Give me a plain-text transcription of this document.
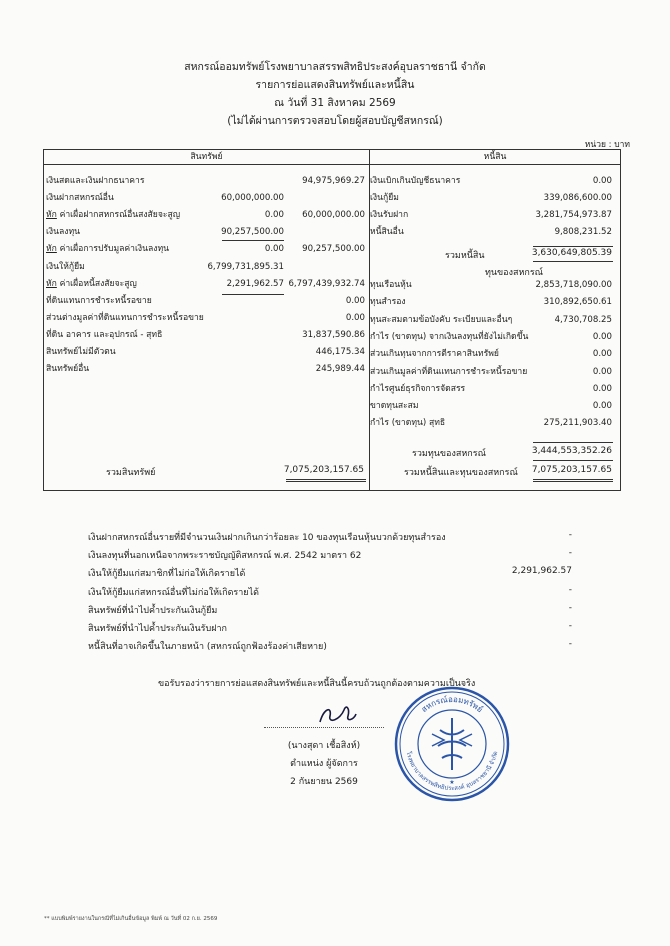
สหกรณ์ออมทรัพย์โรงพยาบาลสรรพสิทธิประสงค์อุบลราชธานี จำกัด
รายการย่อแสดงสินทรัพย์และหนี้สิน
ณ วันที่ 31 สิงหาคม 2569
(ไม่ได้ผ่านการตรวจสอบโดยผู้สอบบัญชีสหกรณ์)
หน่วย : บาท
สินทรัพย์	หนี้สิน
เงินสดและเงินฝากธนาคาร	94,975,969.27
เงินฝากสหกรณ์อื่น	60,000,000.00
หัก ค่าเผื่อฝากสหกรณ์อื่นสงสัยจะสูญ	0.00	60,000,000.00
เงินลงทุน	90,257,500.00
หัก ค่าเผื่อการปรับมูลค่าเงินลงทุน	0.00	90,257,500.00
เงินให้กู้ยืม	6,799,731,895.31
หัก ค่าเผื่อหนี้สงสัยจะสูญ	2,291,962.57 6,797,439,932.74
ที่ดินแทนการชำระหนี้รอขาย	0.00
ส่วนต่างมูลค่าที่ดินแทนการชำระหนี้รอขาย	0.00
ที่ดิน อาคาร และอุปกรณ์ - สุทธิ	31,837,590.86
สินทรัพย์ไม่มีตัวตน	446,175.34
สินทรัพย์อื่น	245,989.44
เงินเบิกเกินบัญชีธนาคาร	0.00
เงินกู้ยืม	339,086,600.00
เงินรับฝาก	3,281,754,973.87
หนี้สินอื่น	9,808,231.52
ทุนเรือนหุ้น	2,853,718,090.00
ทุนสำรอง	310,892,650.61
ทุนสะสมตามข้อบังคับ ระเบียบและอื่นๆ	4,730,708.25
กำไร (ขาดทุน) จากเงินลงทุนที่ยังไม่เกิดขึ้น	0.00
ส่วนเกินทุนจากการตีราคาสินทรัพย์	0.00
ส่วนเกินมูลค่าที่ดินแทนการชำระหนี้รอขาย	0.00
กำไรศูนย์ธุรกิจการจัดสรร	0.00
ขาดทุนสะสม	0.00
กำไร (ขาดทุน) สุทธิ	275,211,903.40
รวมหนี้สิน	3,630,649,805.39
ทุนของสหกรณ์
รวมทุนของสหกรณ์	3,444,553,352.26
รวมสินทรัพย์	7,075,203,157.65	รวมหนี้สินและทุนของสหกรณ์	7,075,203,157.65
เงินฝากสหกรณ์อื่นรายที่มีจำนวนเงินฝากเกินกว่าร้อยละ 10 ของทุนเรือนหุ้นบวกด้วยทุนสำรอง	-
เงินลงทุนที่นอกเหนือจากพระราชบัญญัติสหกรณ์ พ.ศ. 2542 มาตรา 62	-
เงินให้กู้ยืมแก่สมาชิกที่ไม่ก่อให้เกิดรายได้	2,291,962.57
เงินให้กู้ยืมแก่สหกรณ์อื่นที่ไม่ก่อให้เกิดรายได้	-
สินทรัพย์ที่นำไปค้ำประกันเงินกู้ยืม	-
สินทรัพย์ที่นำไปค้ำประกันเงินรับฝาก	-
หนี้สินที่อาจเกิดขึ้นในภายหน้า (สหกรณ์ถูกฟ้องร้องค่าเสียหาย)	-
ขอรับรองว่ารายการย่อแสดงสินทรัพย์และหนี้สินนี้ครบถ้วนถูกต้องตามความเป็นจริง
(นางสุดา เชื้อสิงห์)
ตำแหน่ง ผู้จัดการ
2 กันยายน 2569
สหกรณ์ออมทรัพย์
โรงพยาบาลสรรพสิทธิประสงค์ อุบลราชธานี จำกัด
★
** แบบพิมพ์รายงานในกรณีที่ไม่เกินอื่นข้อมูล พิมพ์ ณ วันที่ 02 ก.ย. 2569
